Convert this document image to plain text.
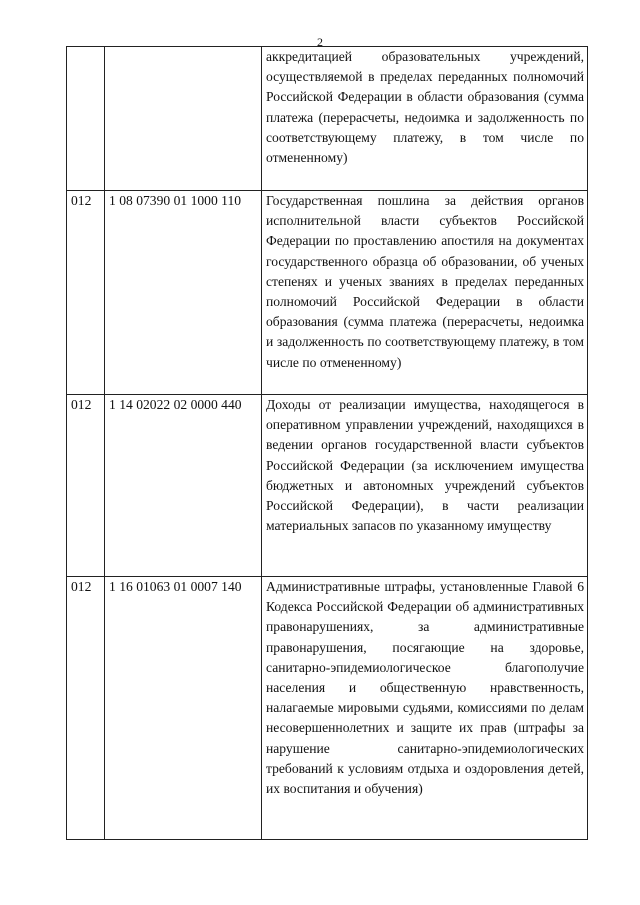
2
		аккредитацией образовательных учреждений, осуществляемой в пределах переданных полномочий Российской Федерации в области образования (сумма платежа (перерасчеты, недоимка и задолженность по соответствующему платежу, в том числе по отмененному)
012	1 08 07390 01 1000 110	Государственная пошлина за действия органов исполнительной власти субъектов Российской Федерации по проставлению апостиля на документах государственного образца об образовании, об ученых степенях и ученых званиях в пределах переданных полномочий Российской Федерации в области образования (сумма платежа (перерасчеты, недоимка и задолженность по соответствующему платежу, в том числе по отмененному)
012	1 14 02022 02 0000 440	Доходы от реализации имущества, находящегося в оперативном управлении учреждений, находящихся в ведении органов государственной власти субъектов Российской Федерации (за исключением имущества бюджетных и автономных учреждений субъектов Российской Федерации), в части реализации материальных запасов по указанному имуществу
012	1 16 01063 01 0007 140	Административные штрафы, установленные Главой 6 Кодекса Российской Федерации об административных правонарушениях, за административные правонарушения, посягающие на здоровье, санитарно-эпидемиологическое благополучие населения и общественную нравственность, налагаемые мировыми судьями, комиссиями по делам несовершеннолетних и защите их прав (штрафы за нарушение санитарно-эпидемиологических требований к условиям отдыха и оздоровления детей, их воспитания и обучения)
